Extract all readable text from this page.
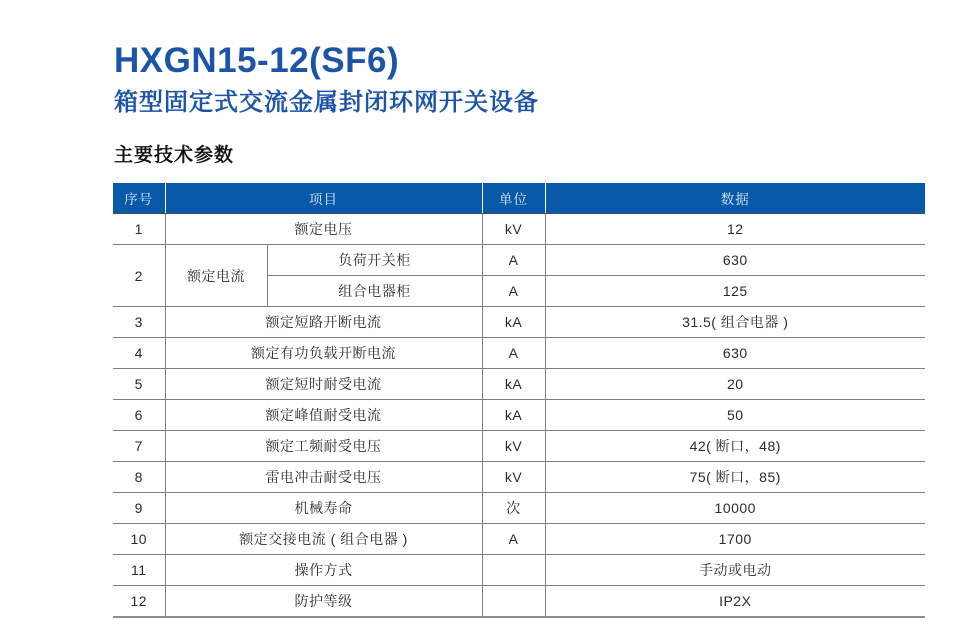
HXGN15-12(SF6)
箱型固定式交流金属封闭环网开关设备
主要技术参数
序号	项目		单位	数据
1	额定电压		kV	12
2	额定电流	负荷开关柜	A	630
		组合电器柜	A	125
3	额定短路开断电流		kA	31.5( 组合电器 )
4	额定有功负载开断电流		A	630
5	额定短时耐受电流		kA	20
6	额定峰值耐受电流		kA	50
7	额定工频耐受电压		kV	42( 断口，48)
8	雷电冲击耐受电压		kV	75( 断口，85)
9	机械寿命		次	10000
10	额定交接电流 ( 组合电器 )		A	1700
11	操作方式			手动或电动
12	防护等级			IP2X
